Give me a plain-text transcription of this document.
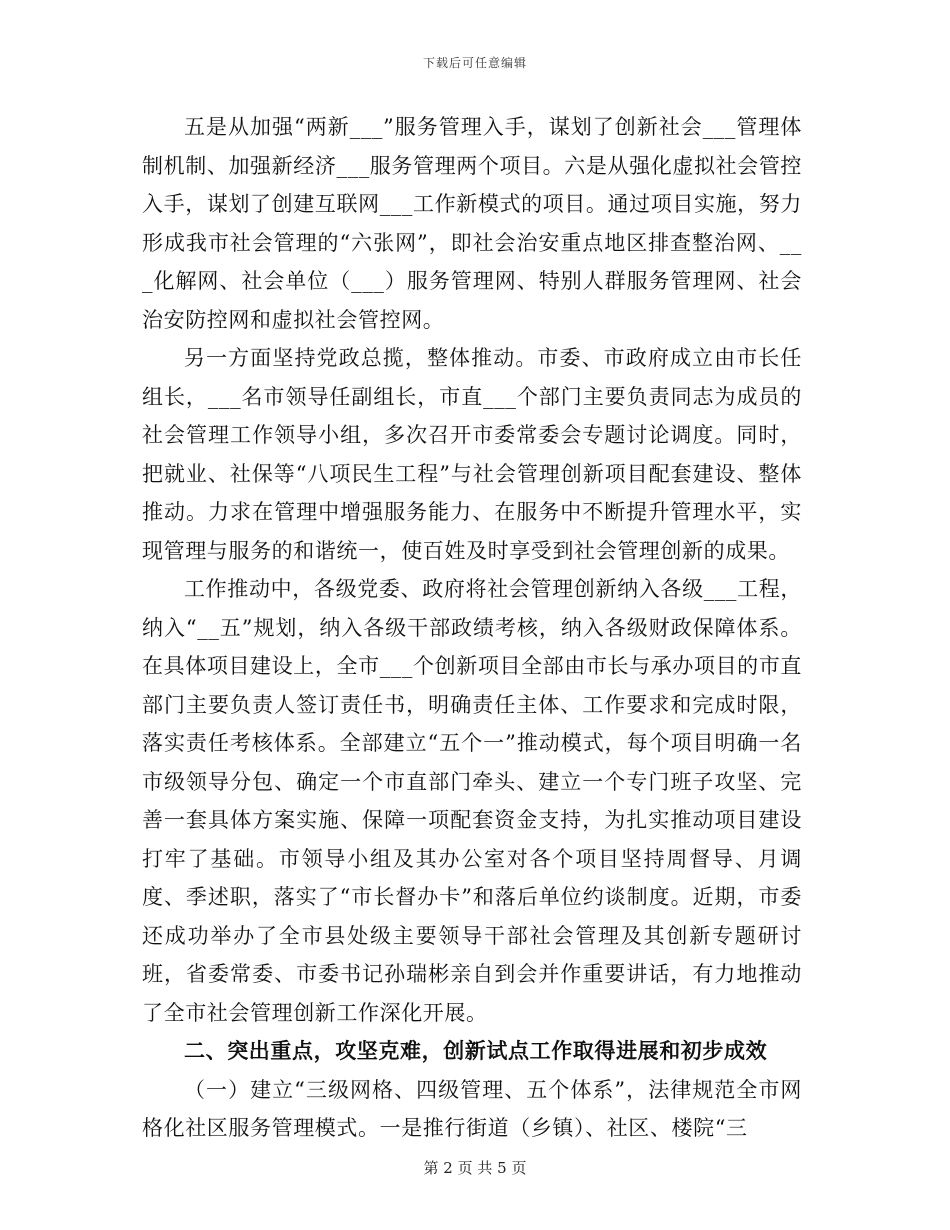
下载后可任意编辑

五是从加强“两新___”服务管理入手，谋划了创新社会___管理体制机制、加强新经济___服务管理两个项目。六是从强化虚拟社会管控入手，谋划了创建互联网___工作新模式的项目。通过项目实施，努力形成我市社会管理的“六张网”，即社会治安重点地区排查整治网、___化解网、社会单位（___）服务管理网、特别人群服务管理网、社会治安防控网和虚拟社会管控网。

另一方面坚持党政总揽，整体推动。市委、市政府成立由市长任组长，___名市领导任副组长，市直___个部门主要负责同志为成员的社会管理工作领导小组，多次召开市委常委会专题讨论调度。同时，把就业、社保等“八项民生工程”与社会管理创新项目配套建设、整体推动。力求在管理中增强服务能力、在服务中不断提升管理水平，实现管理与服务的和谐统一，使百姓及时享受到社会管理创新的成果。

工作推动中，各级党委、政府将社会管理创新纳入各级___工程，纳入“__五”规划，纳入各级干部政绩考核，纳入各级财政保障体系。在具体项目建设上，全市___个创新项目全部由市长与承办项目的市直部门主要负责人签订责任书，明确责任主体、工作要求和完成时限，落实责任考核体系。全部建立“五个一”推动模式，每个项目明确一名市级领导分包、确定一个市直部门牵头、建立一个专门班子攻坚、完善一套具体方案实施、保障一项配套资金支持，为扎实推动项目建设打牢了基础。市领导小组及其办公室对各个项目坚持周督导、月调度、季述职，落实了“市长督办卡”和落后单位约谈制度。近期，市委还成功举办了全市县处级主要领导干部社会管理及其创新专题研讨班，省委常委、市委书记孙瑞彬亲自到会并作重要讲话，有力地推动了全市社会管理创新工作深化开展。

二、突出重点，攻坚克难，创新试点工作取得进展和初步成效

（一）建立“三级网格、四级管理、五个体系”，法律规范全市网格化社区服务管理模式。一是推行街道（乡镇）、社区、楼院“三

第 2 页 共 5 页
